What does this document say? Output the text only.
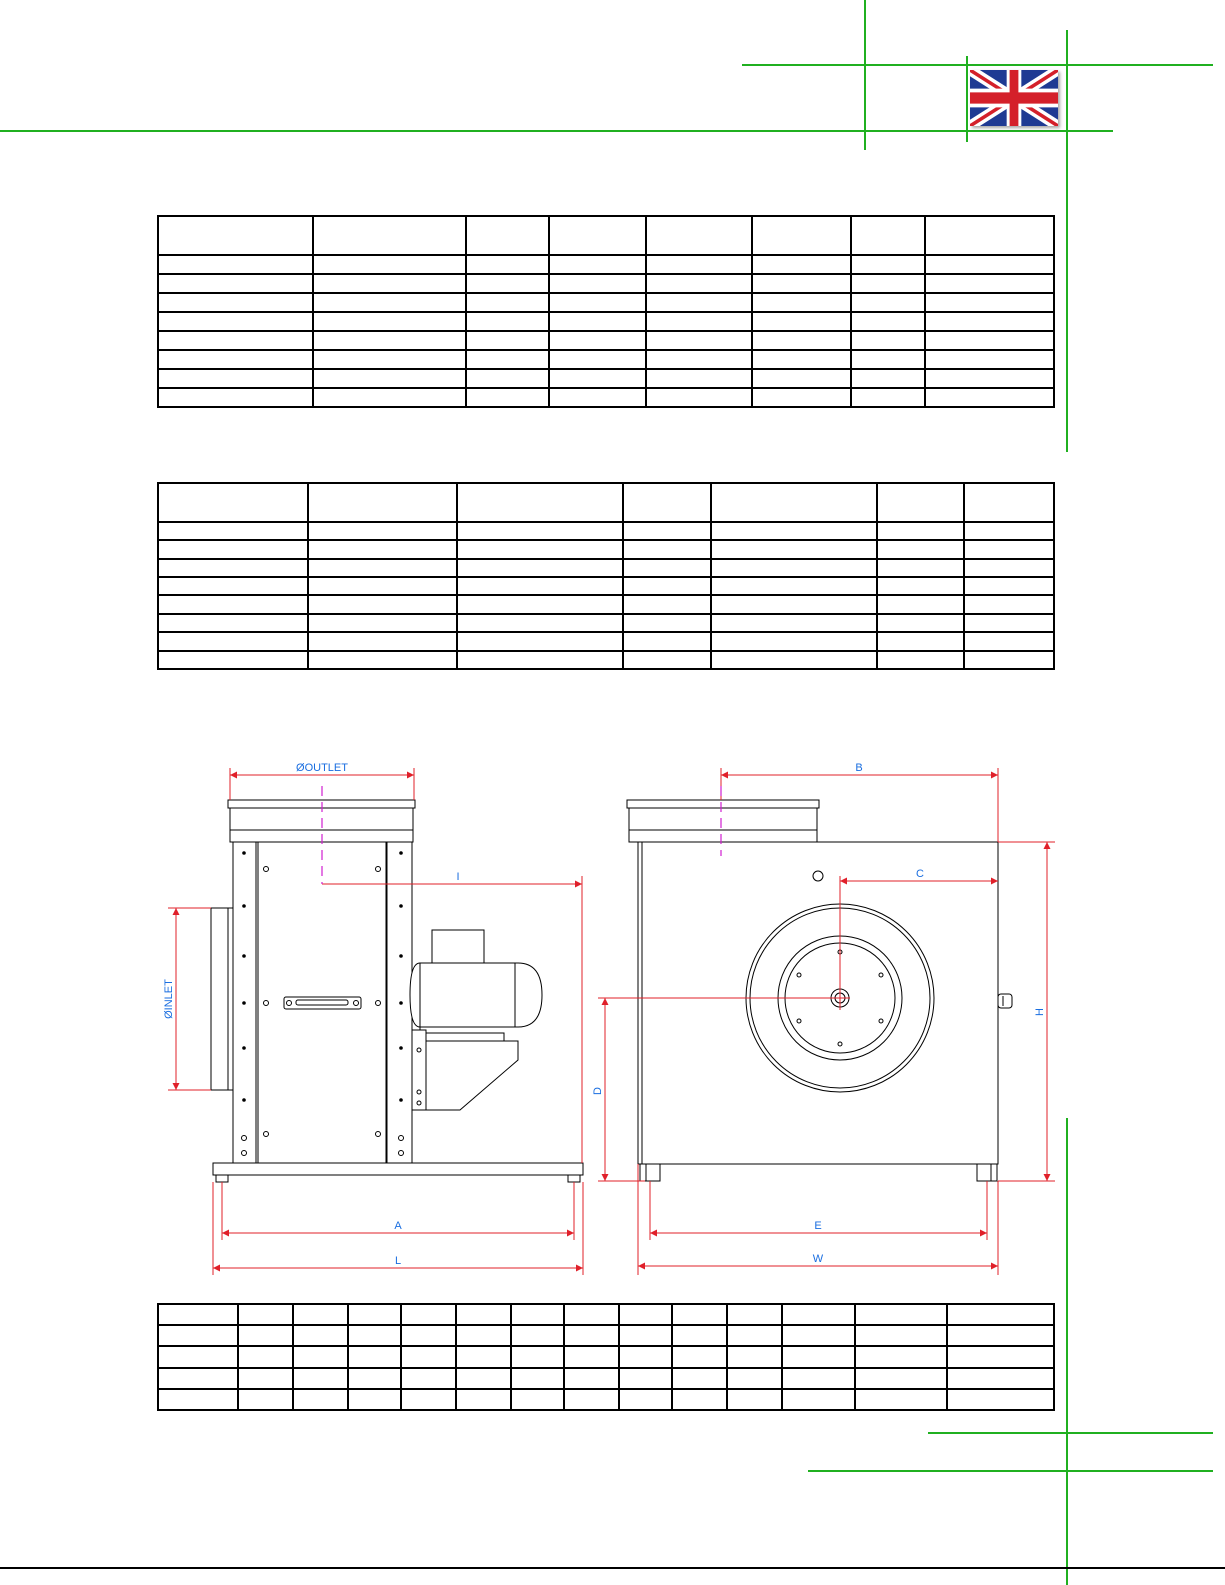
ØOUTLET
ØINLET
I
A
L
B
C
D
H
E
W
